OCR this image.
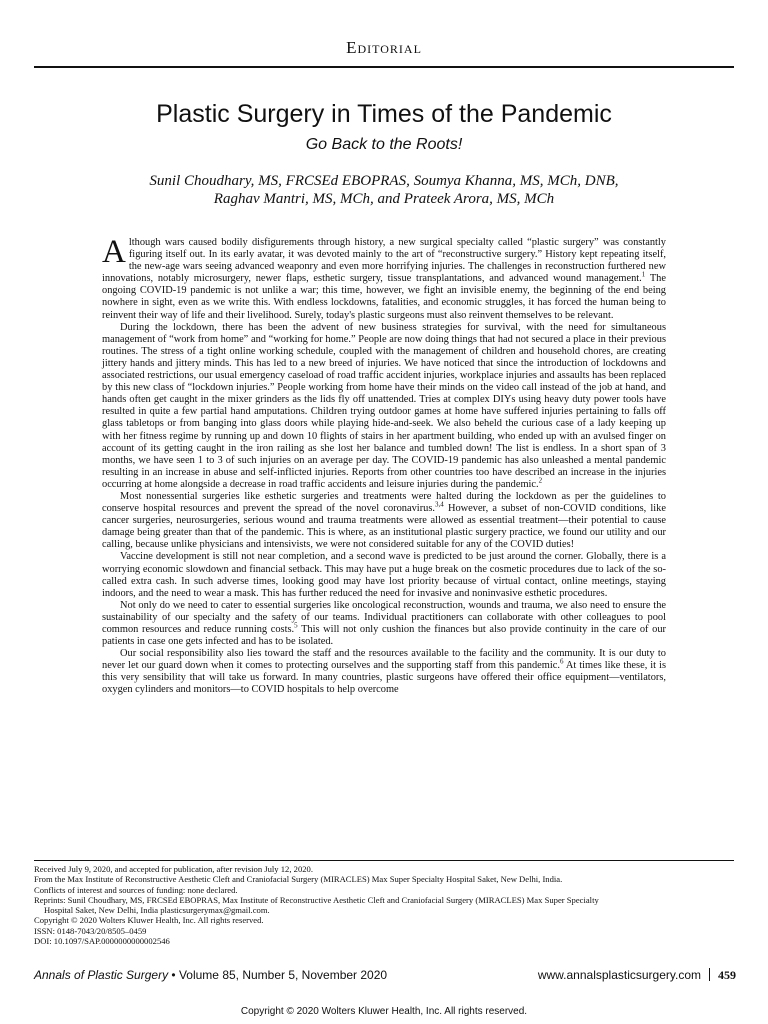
Editorial
Plastic Surgery in Times of the Pandemic
Go Back to the Roots!
Sunil Choudhary, MS, FRCSEd EBOPRAS, Soumya Khanna, MS, MCh, DNB,
Raghav Mantri, MS, MCh, and Prateek Arora, MS, MCh

Although wars caused bodily disfigurements through history, a new surgical specialty called “plastic surgery” was constantly figuring itself out. In its early avatar, it was devoted mainly to the art of “reconstructive surgery.” History kept repeating itself, the new-age wars seeing advanced weaponry and even more horrifying injuries. The challenges in reconstruction furthered new innovations, notably microsurgery, newer flaps, esthetic surgery, tissue transplantations, and advanced wound management.$^1$ The ongoing COVID-19 pandemic is not unlike a war; this time, however, we fight an invisible enemy, the beginning of the end being nowhere in sight, even as we write this. With endless lockdowns, fatalities, and economic struggles, it has forced the human being to reinvent their way of life and their livelihood. Surely, today's plastic surgeons must also reinvent themselves to be relevant.

During the lockdown, there has been the advent of new business strategies for survival, with the need for simultaneous management of “work from home” and “working for home.” People are now doing things that had not secured a place in their previous routines. The stress of a tight online working schedule, coupled with the management of children and household chores, are creating jittery hands and jittery minds. This has led to a new breed of injuries. We have noticed that since the introduction of lockdowns and associated restrictions, our usual emergency caseload of road traffic accident injuries, workplace injuries and assaults has been replaced by this new class of “lockdown injuries.” People working from home have their minds on the video call instead of the job at hand, and hands often get caught in the mixer grinders as the lids fly off unattended. Tries at complex DIYs using heavy duty power tools have resulted in quite a few partial hand amputations. Children trying outdoor games at home have suffered injuries pertaining to falls off glass tabletops or from banging into glass doors while playing hide-and-seek. We also beheld the curious case of a lady keeping up with her fitness regime by running up and down 10 flights of stairs in her apartment building, who ended up with an avulsed finger on account of its getting caught in the iron railing as she lost her balance and tumbled down! The list is endless. In a short span of 3 months, we have seen 1 to 3 of such injuries on an average per day. The COVID-19 pandemic has also unleashed a mental pandemic resulting in an increase in abuse and self-inflicted injuries. Reports from other countries too have described an increase in the injuries occurring at home alongside a decrease in road traffic accidents and leisure injuries during the pandemic.$^2$

Most nonessential surgeries like esthetic surgeries and treatments were halted during the lockdown as per the guidelines to conserve hospital resources and prevent the spread of the novel coronavirus.$^{3,4}$ However, a subset of non-COVID conditions, like cancer surgeries, neurosurgeries, serious wound and trauma treatments were allowed as essential treatment—their potential to cause damage being greater than that of the pandemic. This is where, as an institutional plastic surgery practice, we found our utility and our calling, because unlike physicians and intensivists, we were not considered suitable for any of the COVID duties!

Vaccine development is still not near completion, and a second wave is predicted to be just around the corner. Globally, there is a worrying economic slowdown and financial setback. This may have put a huge break on the cosmetic procedures due to lack of the so-called extra cash. In such adverse times, looking good may have lost priority because of virtual contact, online meetings, staying indoors, and the need to wear a mask. This has further reduced the need for invasive and noninvasive esthetic procedures.

Not only do we need to cater to essential surgeries like oncological reconstruction, wounds and trauma, we also need to ensure the sustainability of our specialty and the safety of our teams. Individual practitioners can collaborate with other colleagues to pool common resources and reduce running costs.$^5$ This will not only cushion the finances but also provide continuity in the care of our patients in case one gets infected and has to be isolated.

Our social responsibility also lies toward the staff and the resources available to the facility and the community. It is our duty to never let our guard down when it comes to protecting ourselves and the supporting staff from this pandemic.$^6$ At times like these, it is this very sensibility that will take us forward. In many countries, plastic surgeons have offered their office equipment—ventilators, oxygen cylinders and monitors—to COVID hospitals to help overcome

Received July 9, 2020, and accepted for publication, after revision July 12, 2020.
From the Max Institute of Reconstructive Aesthetic Cleft and Craniofacial Surgery (MIRACLES) Max Super Specialty Hospital Saket, New Delhi, India.
Conflicts of interest and sources of funding: none declared.
Reprints: Sunil Choudhary, MS, FRCSEd EBOPRAS, Max Institute of Reconstructive Aesthetic Cleft and Craniofacial Surgery (MIRACLES) Max Super Specialty
Hospital Saket, New Delhi, India plasticsurgerymax@gmail.com.
Copyright © 2020 Wolters Kluwer Health, Inc. All rights reserved.
ISSN: 0148-7043/20/8505–0459
DOI: 10.1097/SAP.0000000000002546
Annals of Plastic Surgery • Volume 85, Number 5, November 2020	www.annalsplasticsurgery.com 459
Copyright © 2020 Wolters Kluwer Health, Inc. All rights reserved.
